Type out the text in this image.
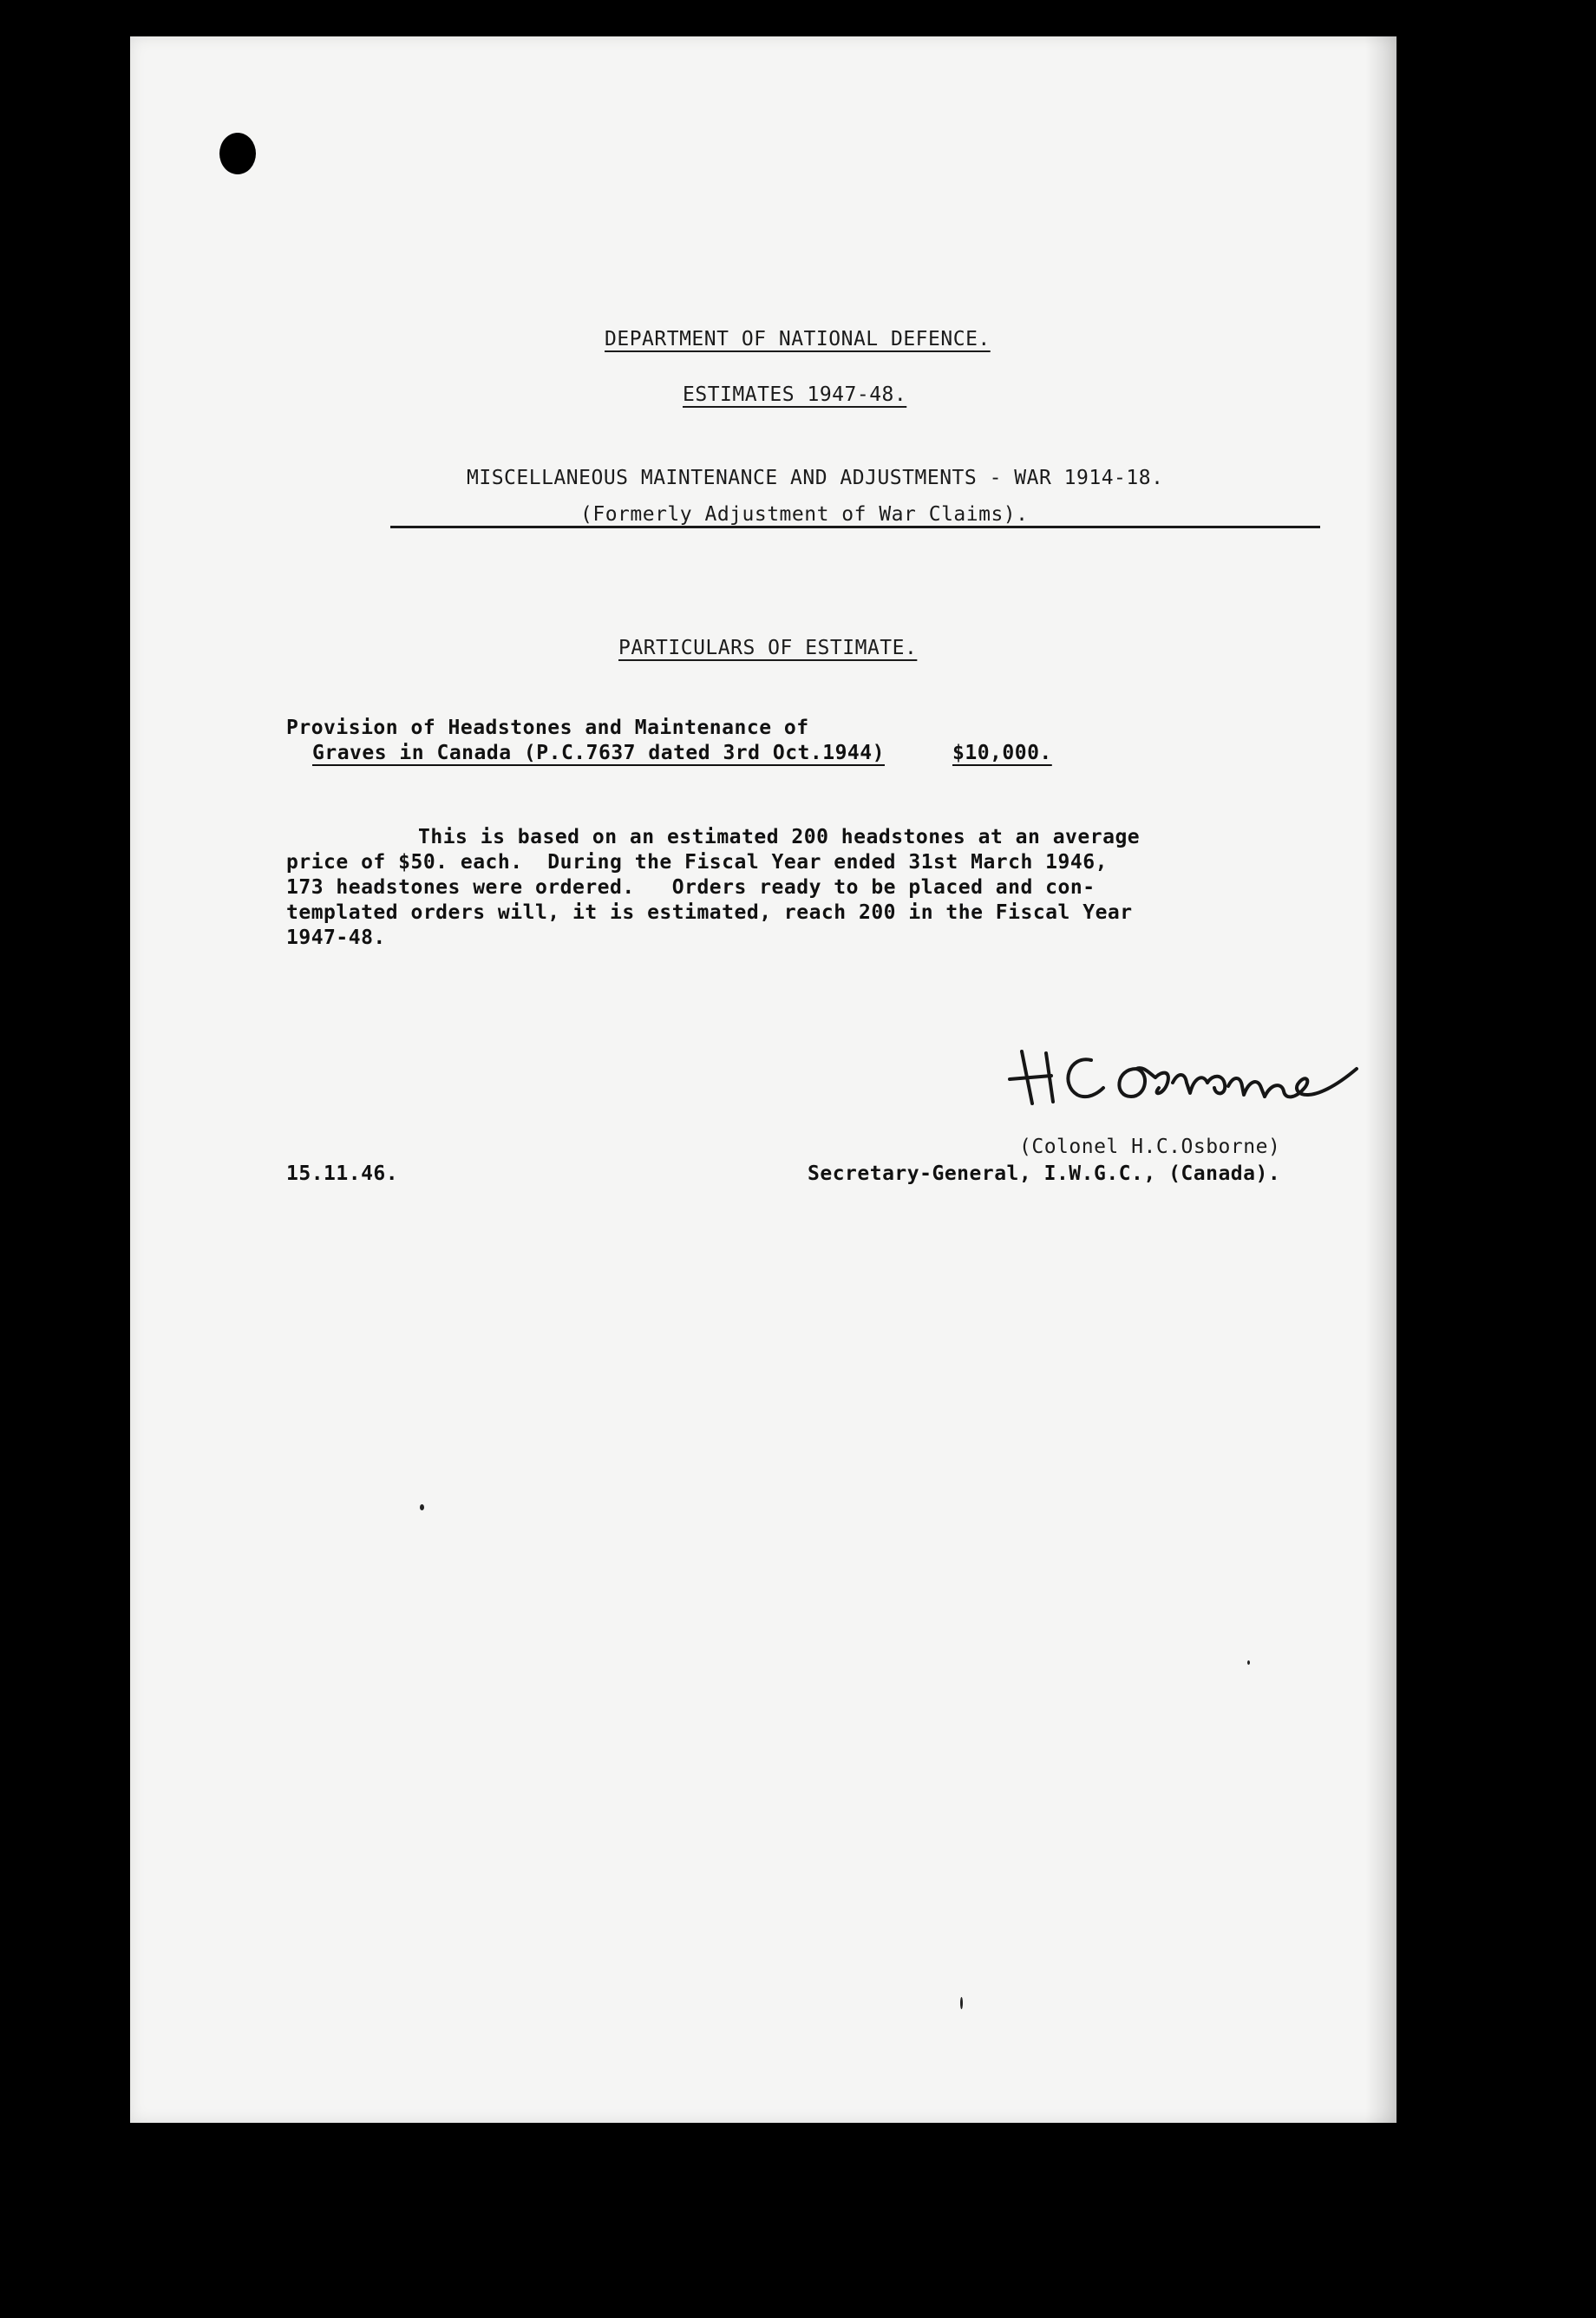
DEPARTMENT OF NATIONAL DEFENCE.
ESTIMATES 1947-48.
MISCELLANEOUS MAINTENANCE AND ADJUSTMENTS - WAR 1914-18.
(Formerly Adjustment of War Claims).
PARTICULARS OF ESTIMATE.
Provision of Headstones and Maintenance of
Graves in Canada (P.C.7637 dated 3rd Oct.1944)	$10,000.
This is based on an estimated 200 headstones at an average
price of $50. each.  During the Fiscal Year ended 31st March 1946,
173 headstones were ordered.   Orders ready to be placed and con-
templated orders will, it is estimated, reach 200 in the Fiscal Year
1947-48.
(Colonel H.C.Osborne)
Secretary-General, I.W.G.C., (Canada).
15.11.46.
